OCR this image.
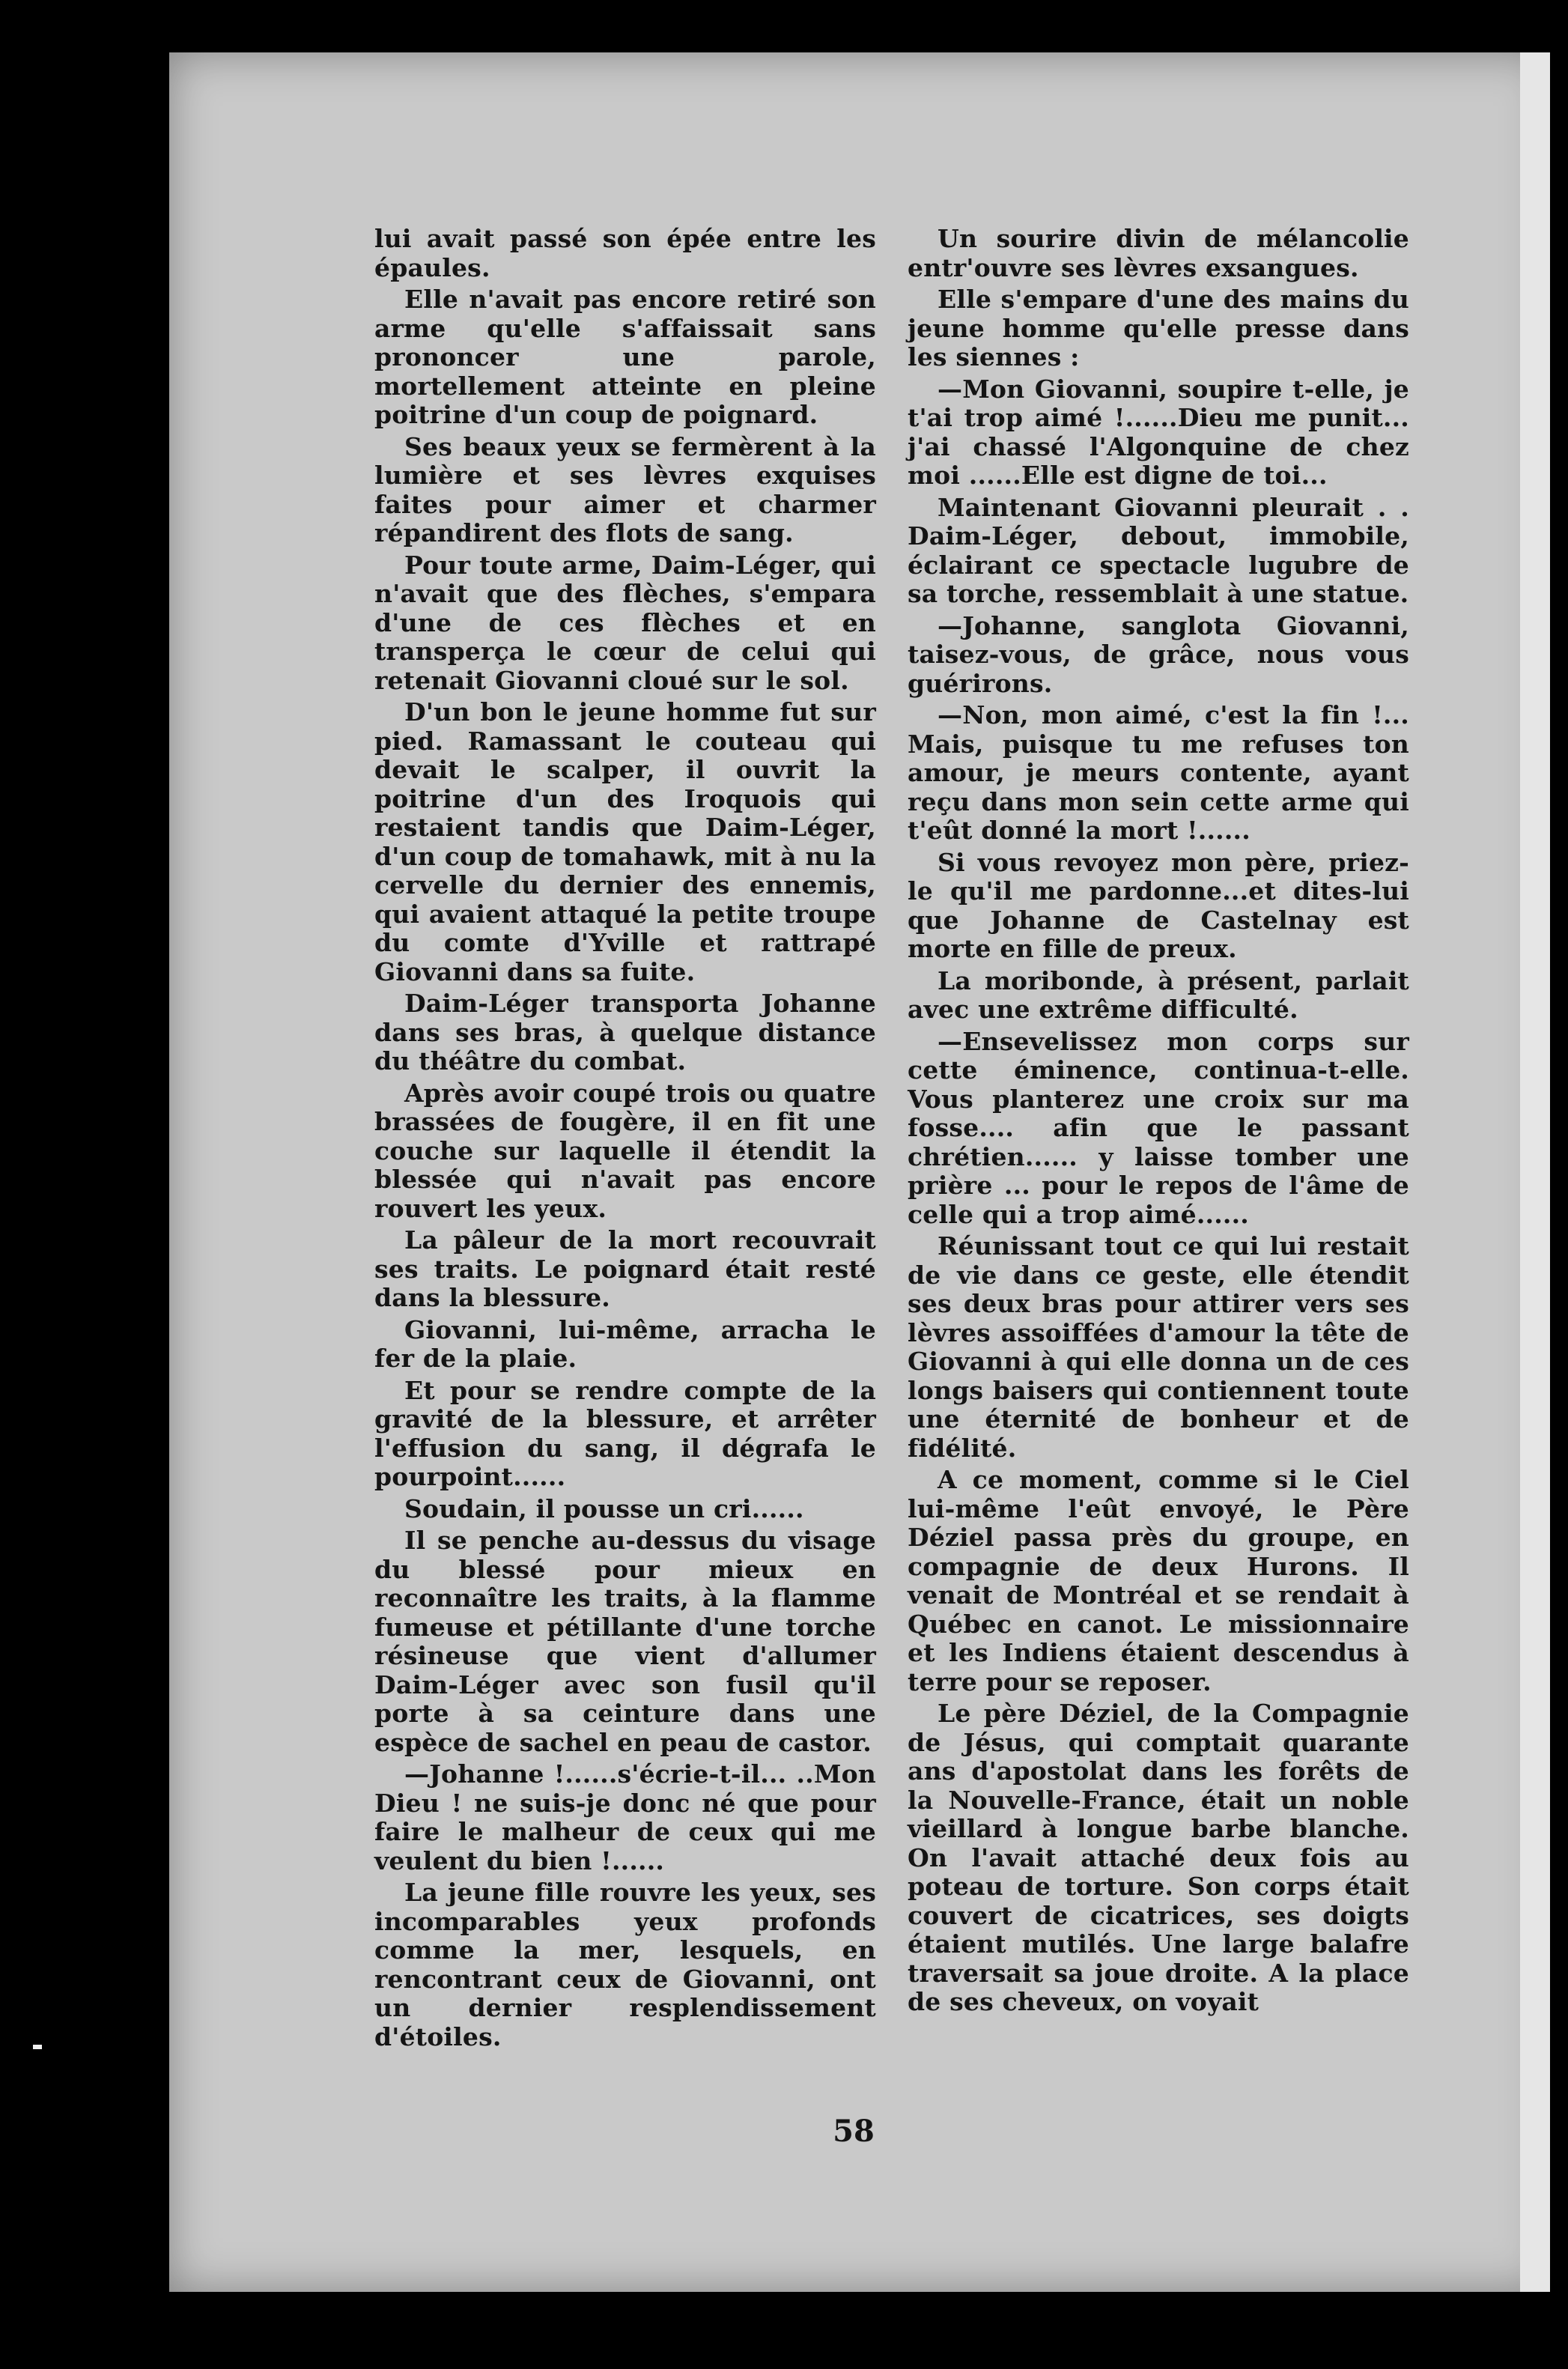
lui avait passé son épée entre les épaules.

Elle n'avait pas encore retiré son arme qu'elle s'affaissait sans prononcer une parole, mortellement atteinte en pleine poitrine d'un coup de poignard.

Ses beaux yeux se fermèrent à la lumière et ses lèvres exquises faites pour aimer et charmer répandirent des flots de sang.

Pour toute arme, Daim-Léger, qui n'avait que des flèches, s'empara d'une de ces flèches et en transperça le cœur de celui qui retenait Giovanni cloué sur le sol.

D'un bon le jeune homme fut sur pied. Ramassant le couteau qui devait le scalper, il ouvrit la poitrine d'un des Iroquois qui restaient tandis que Daim-Léger, d'un coup de tomahawk, mit à nu la cervelle du dernier des ennemis, qui avaient attaqué la petite troupe du comte d'Yville et rattrapé Giovanni dans sa fuite.

Daim-Léger transporta Johanne dans ses bras, à quelque distance du théâtre du combat.

Après avoir coupé trois ou quatre brassées de fougère, il en fit une couche sur laquelle il étendit la blessée qui n'avait pas encore rouvert les yeux.

La pâleur de la mort recouvrait ses traits. Le poignard était resté dans la blessure.

Giovanni, lui-même, arracha le fer de la plaie.

Et pour se rendre compte de la gravité de la blessure, et arrêter l'effusion du sang, il dégrafa le pourpoint......

Soudain, il pousse un cri......

Il se penche au-dessus du visage du blessé pour mieux en reconnaître les traits, à la flamme fumeuse et pétillante d'une torche résineuse que vient d'allumer Daim-Léger avec son fusil qu'il porte à sa ceinture dans une espèce de sachel en peau de castor.

—Johanne !......s'écrie-t-il... ..Mon Dieu ! ne suis-je donc né que pour faire le malheur de ceux qui me veulent du bien !......

La jeune fille rouvre les yeux, ses incomparables yeux profonds comme la mer, lesquels, en rencontrant ceux de Giovanni, ont un dernier resplendissement d'étoiles.

Un sourire divin de mélancolie entr'ouvre ses lèvres exsangues.

Elle s'empare d'une des mains du jeune homme qu'elle presse dans les siennes :

—Mon Giovanni, soupire t-elle, je t'ai trop aimé !......Dieu me punit... j'ai chassé l'Algonquine de chez moi ......Elle est digne de toi...

Maintenant Giovanni pleurait . . Daim-Léger, debout, immobile, éclairant ce spectacle lugubre de sa torche, ressemblait à une statue.

—Johanne, sanglota Giovanni, taisez-vous, de grâce, nous vous guérirons.

—Non, mon aimé, c'est la fin !... Mais, puisque tu me refuses ton amour, je meurs contente, ayant reçu dans mon sein cette arme qui t'eût donné la mort !......

Si vous revoyez mon père, priez-le qu'il me pardonne...et dites-lui que Johanne de Castelnay est morte en fille de preux.

La moribonde, à présent, parlait avec une extrême difficulté.

—Ensevelissez mon corps sur cette éminence, continua-t-elle. Vous planterez une croix sur ma fosse.... afin que le passant chrétien...... y laisse tomber une prière ... pour le repos de l'âme de celle qui a trop aimé......

Réunissant tout ce qui lui restait de vie dans ce geste, elle étendit ses deux bras pour attirer vers ses lèvres assoiffées d'amour la tête de Giovanni à qui elle donna un de ces longs baisers qui contiennent toute une éternité de bonheur et de fidélité.

A ce moment, comme si le Ciel lui-même l'eût envoyé, le Père Déziel passa près du groupe, en compagnie de deux Hurons. Il venait de Montréal et se rendait à Québec en canot. Le missionnaire et les Indiens étaient descendus à terre pour se reposer.

Le père Déziel, de la Compagnie de Jésus, qui comptait quarante ans d'apostolat dans les forêts de la Nouvelle-France, était un noble vieillard à longue barbe blanche. On l'avait attaché deux fois au poteau de torture. Son corps était couvert de cicatrices, ses doigts étaient mutilés. Une large balafre traversait sa joue droite. A la place de ses cheveux, on voyait

58
